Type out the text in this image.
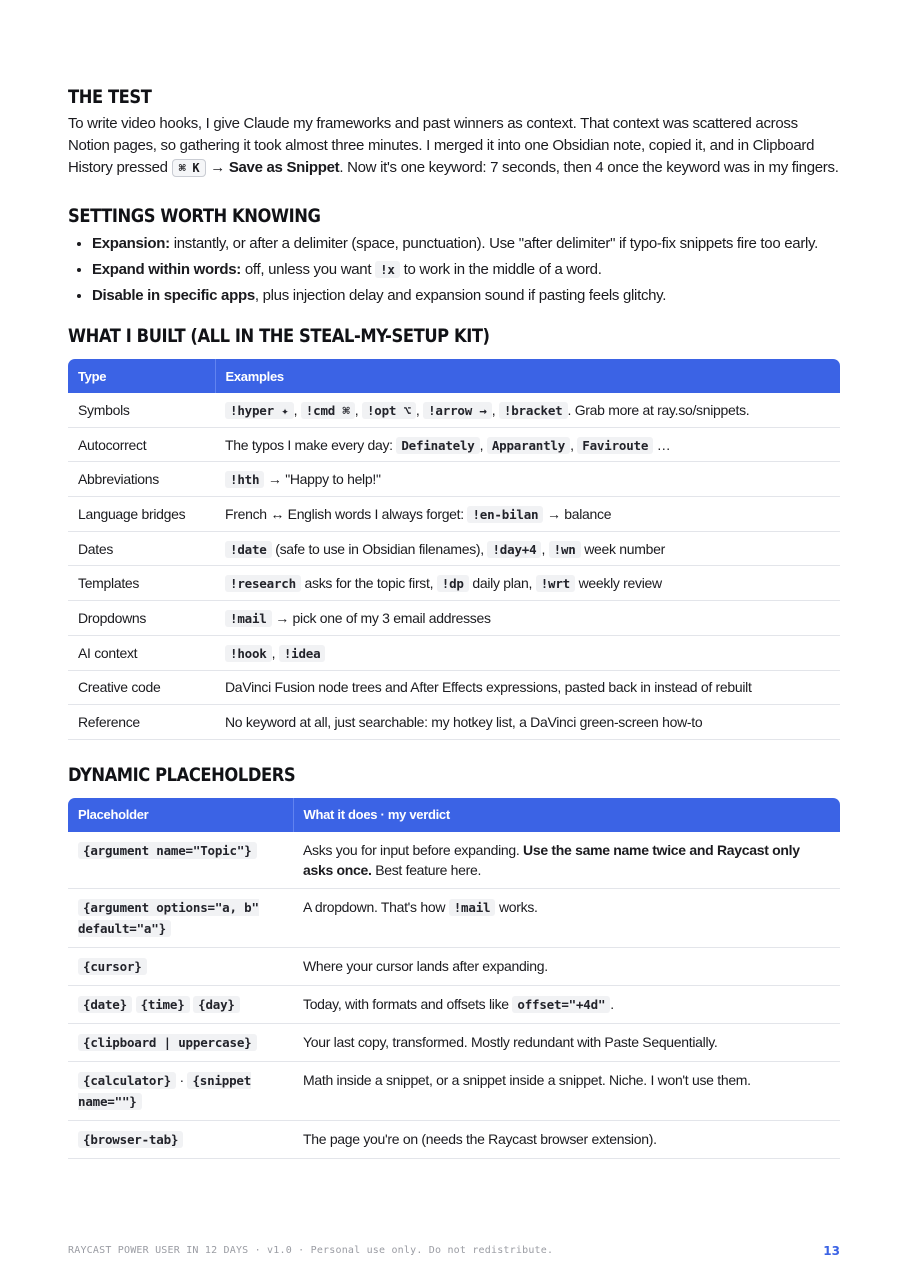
THE TEST

To write video hooks, I give Claude my frameworks and past winners as context. That context was scattered across Notion pages, so gathering it took almost three minutes. I merged it into one Obsidian note, copied it, and in Clipboard History pressed ⌘ K → Save as Snippet. Now it's one keyword: 7 seconds, then 4 once the keyword was in my fingers.

SETTINGS WORTH KNOWING
• Expansion: instantly, or after a delimiter (space, punctuation). Use "after delimiter" if typo-fix snippets fire too early.
• Expand within words: off, unless you want !x to work in the middle of a word.
• Disable in specific apps, plus injection delay and expansion sound if pasting feels glitchy.
WHAT I BUILT (ALL IN THE STEAL-MY-SETUP KIT)
Type	Examples
Symbols	!hyper ✦ , !cmd ⌘ , !opt ⌥ , !arrow → , !bracket . Grab more at ray.so/snippets.
Autocorrect	The typos I make every day: Definately , Apparantly , Faviroute …
Abbreviations	!hth → "Happy to help!"
Language bridges	French ↔ English words I always forget: !en-bilan → balance
Dates	!date (safe to use in Obsidian filenames), !day+4 , !wn week number
Templates	!research asks for the topic first, !dp daily plan, !wrt weekly review
Dropdowns	!mail → pick one of my 3 email addresses
AI context	!hook , !idea
Creative code	DaVinci Fusion node trees and After Effects expressions, pasted back in instead of rebuilt
Reference	No keyword at all, just searchable: my hotkey list, a DaVinci green-screen how-to
DYNAMIC PLACEHOLDERS
Placeholder	What it does · my verdict
{argument name="Topic"}	Asks you for input before expanding. Use the same name twice and Raycast only asks once. Best feature here.
{argument options="a, b" default="a"}	A dropdown. That's how !mail works.
{cursor}	Where your cursor lands after expanding.
{date} {time} {day}	Today, with formats and offsets like offset="+4d" .
{clipboard | uppercase}	Your last copy, transformed. Mostly redundant with Paste Sequentially.
{calculator} · {snippet name=""}	Math inside a snippet, or a snippet inside a snippet. Niche. I won't use them.
{browser-tab}	The page you're on (needs the Raycast browser extension).
RAYCAST POWER USER IN 12 DAYS · v1.0 · Personal use only. Do not redistribute.	13
